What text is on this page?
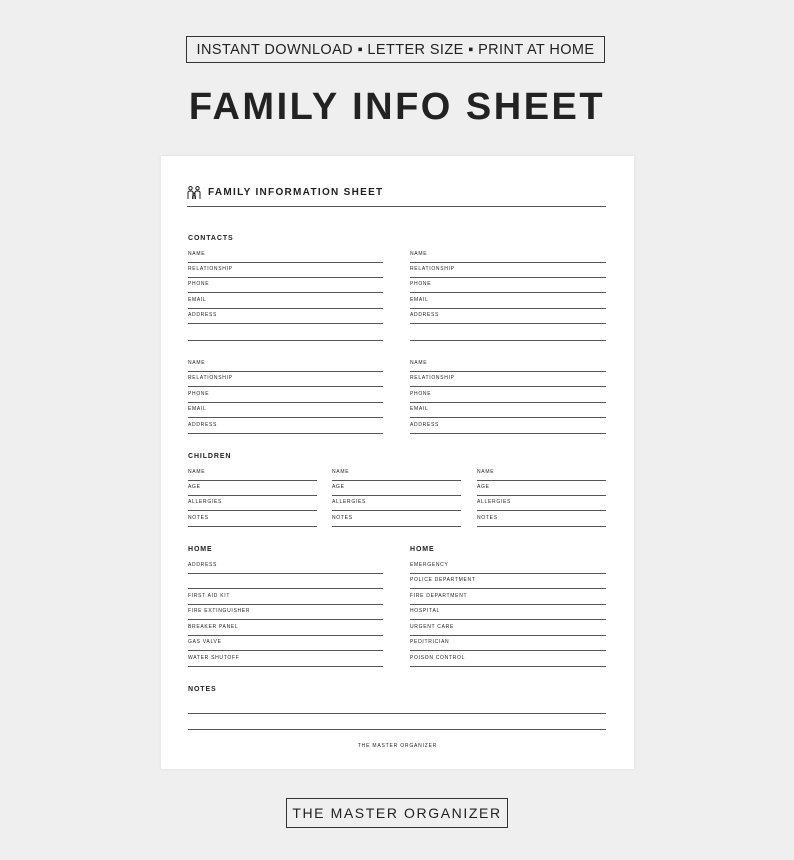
INSTANT DOWNLOAD ▪ LETTER SIZE ▪ PRINT AT HOME
FAMILY INFO SHEET
FAMILY INFORMATION SHEET
CONTACTS
NAME
RELATIONSHIP
PHONE
EMAIL
ADDRESS
NAME
RELATIONSHIP
PHONE
EMAIL
ADDRESS
NAME
RELATIONSHIP
PHONE
EMAIL
ADDRESS
NAME
RELATIONSHIP
PHONE
EMAIL
ADDRESS
CHILDREN
NAME
AGE
ALLERGIES
NOTES
NAME
AGE
ALLERGIES
NOTES
NAME
AGE
ALLERGIES
NOTES
HOME	HOME
ADDRESS
FIRST AID KIT
FIRE EXTINGUISHER
BREAKER PANEL
GAS VALVE
WATER SHUTOFF
EMERGENCY
POLICE DEPARTMENT
FIRE DEPARTMENT
HOSPITAL
URGENT CARE
PEDITRICIAN
POISON CONTROL
NOTES
THE MASTER ORGANIZER
THE MASTER ORGANIZER
